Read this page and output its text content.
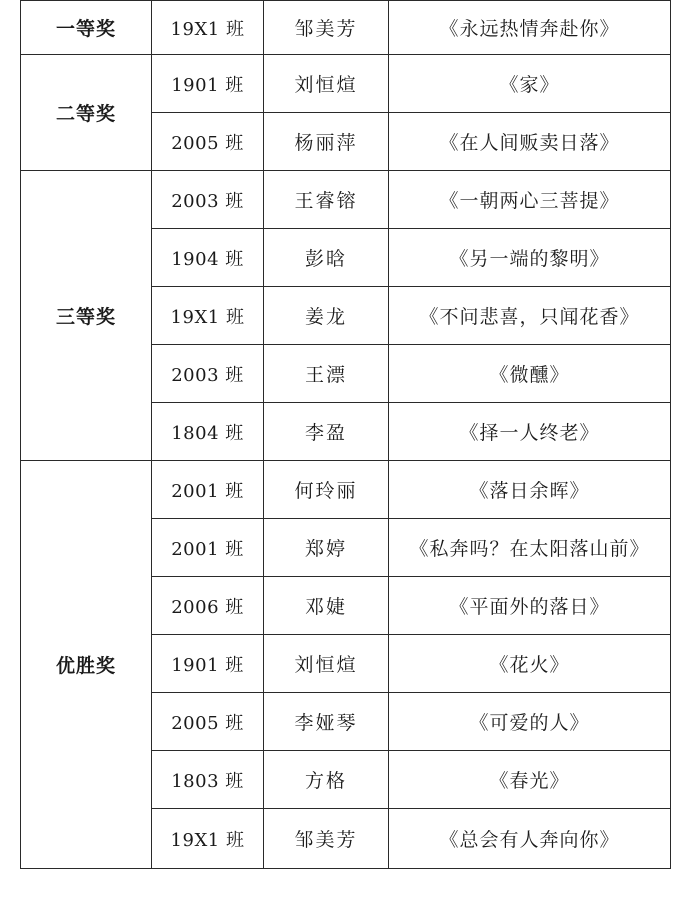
一等奖	19X1 班	邹美芳	《永远热情奔赴你》
二等奖	1901 班	刘恒煊	《家》
	2005 班	杨丽萍	《在人间贩卖日落》
三等奖	2003 班	王睿镕	《一朝两心三菩提》
	1904 班	彭晗	《另一端的黎明》
	19X1 班	姜龙	《不问悲喜，只闻花香》
	2003 班	王漂	《微醺》
	1804 班	李盈	《择一人终老》
优胜奖	2001 班	何玲丽	《落日余晖》
	2001 班	郑婷	《私奔吗？在太阳落山前》
	2006 班	邓婕	《平面外的落日》
	1901 班	刘恒煊	《花火》
	2005 班	李娅琴	《可爱的人》
	1803 班	方格	《春光》
	19X1 班	邹美芳	《总会有人奔向你》
